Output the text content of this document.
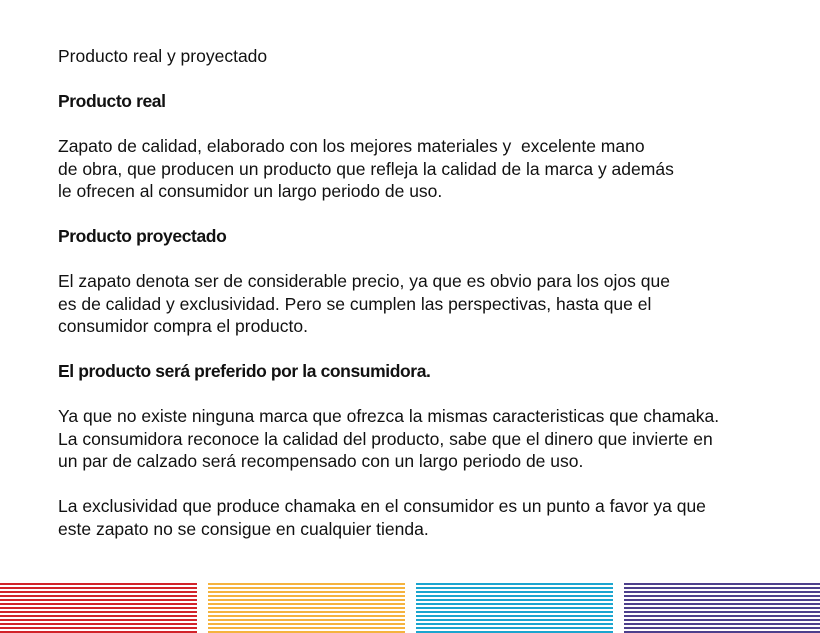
Producto real y proyectado
Producto real
Zapato de calidad, elaborado con los mejores materiales y  excelente mano
de obra, que producen un producto que refleja la calidad de la marca y además
le ofrecen al consumidor un largo periodo de uso.
Producto proyectado
El zapato denota ser de considerable precio, ya que es obvio para los ojos que
es de calidad y exclusividad. Pero se cumplen las perspectivas, hasta que el
consumidor compra el producto.
El producto será preferido por la consumidora.
Ya que no existe ninguna marca que ofrezca la mismas caracteristicas que chamaka.
La consumidora reconoce la calidad del producto, sabe que el dinero que invierte en
un par de calzado será recompensado con un largo periodo de uso.
La exclusividad que produce chamaka en el consumidor es un punto a favor ya que
este zapato no se consigue en cualquier tienda.
